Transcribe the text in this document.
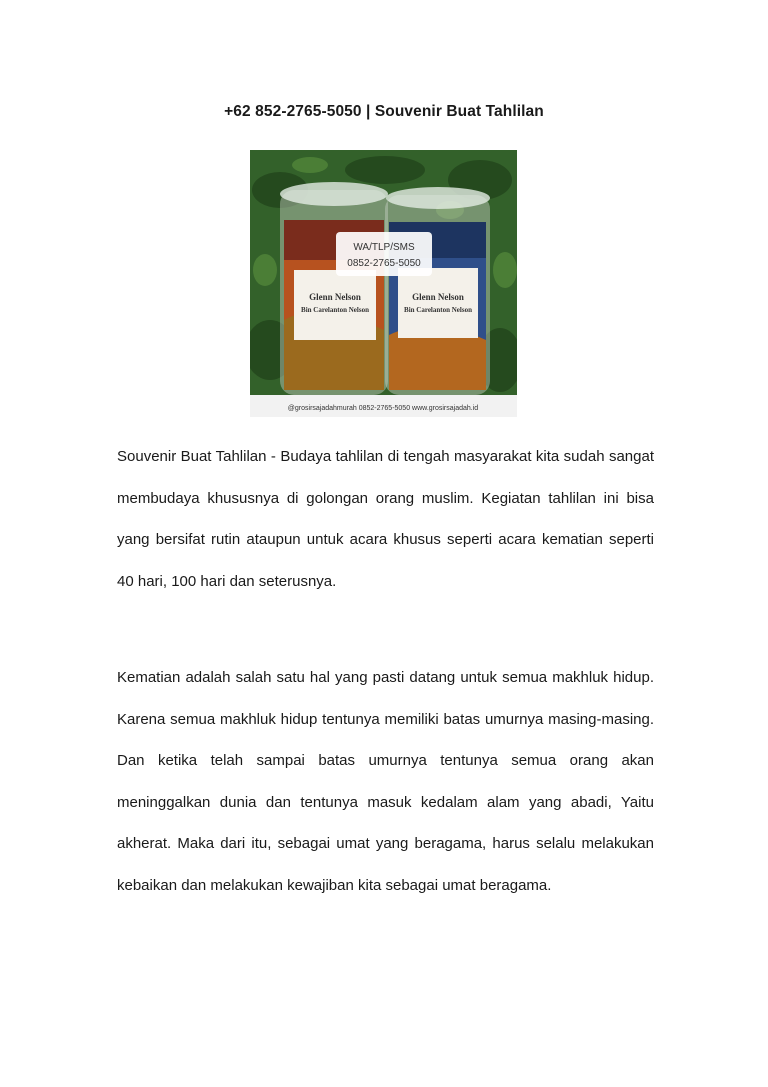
+62 852-2765-5050 | Souvenir Buat Tahlilan
WA/TLP/SMS
0852-2765-5050
Glenn Nelson
Bin Carelanton Nelson
Glenn Nelson
Bin Carelanton Nelson
@grosirsajadahmurah 0852-2765-5050 www.grosirsajadah.id

Souvenir Buat Tahlilan - Budaya tahlilan di tengah masyarakat kita sudah sangat membudaya khususnya di golongan orang muslim. Kegiatan tahlilan ini bisa yang bersifat rutin ataupun untuk acara khusus seperti acara kematian seperti 40 hari, 100 hari dan seterusnya.

Kematian adalah salah satu hal yang pasti datang untuk semua makhluk hidup. Karena semua makhluk hidup tentunya memiliki batas umurnya masing-masing. Dan ketika telah sampai batas umurnya tentunya semua orang akan meninggalkan dunia dan tentunya masuk kedalam alam yang abadi, Yaitu akherat. Maka dari itu, sebagai umat yang beragama, harus selalu melakukan kebaikan dan melakukan kewajiban kita sebagai umat beragama.
